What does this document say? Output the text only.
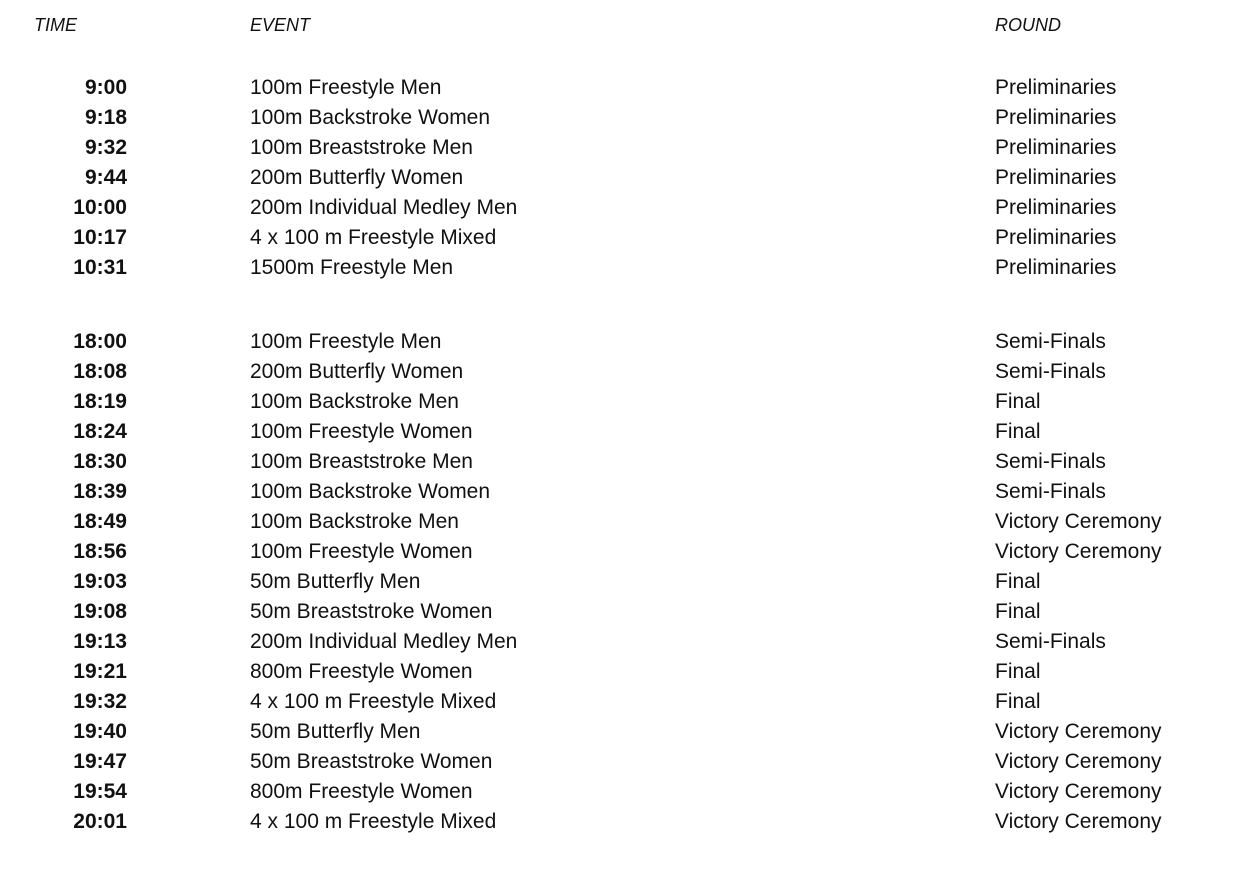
TIME	EVENT	ROUND
9:00	100m Freestyle Men	Preliminaries
9:18	100m Backstroke Women	Preliminaries
9:32	100m Breaststroke Men	Preliminaries
9:44	200m Butterfly Women	Preliminaries
10:00	200m Individual Medley Men	Preliminaries
10:17	4 x 100 m Freestyle Mixed	Preliminaries
10:31	1500m Freestyle Men	Preliminaries
18:00	100m Freestyle Men	Semi-Finals
18:08	200m Butterfly Women	Semi-Finals
18:19	100m Backstroke Men	Final
18:24	100m Freestyle Women	Final
18:30	100m Breaststroke Men	Semi-Finals
18:39	100m Backstroke Women	Semi-Finals
18:49	100m Backstroke Men	Victory Ceremony
18:56	100m Freestyle Women	Victory Ceremony
19:03	50m Butterfly Men	Final
19:08	50m Breaststroke Women	Final
19:13	200m Individual Medley Men	Semi-Finals
19:21	800m Freestyle Women	Final
19:32	4 x 100 m Freestyle Mixed	Final
19:40	50m Butterfly Men	Victory Ceremony
19:47	50m Breaststroke Women	Victory Ceremony
19:54	800m Freestyle Women	Victory Ceremony
20:01	4 x 100 m Freestyle Mixed	Victory Ceremony
